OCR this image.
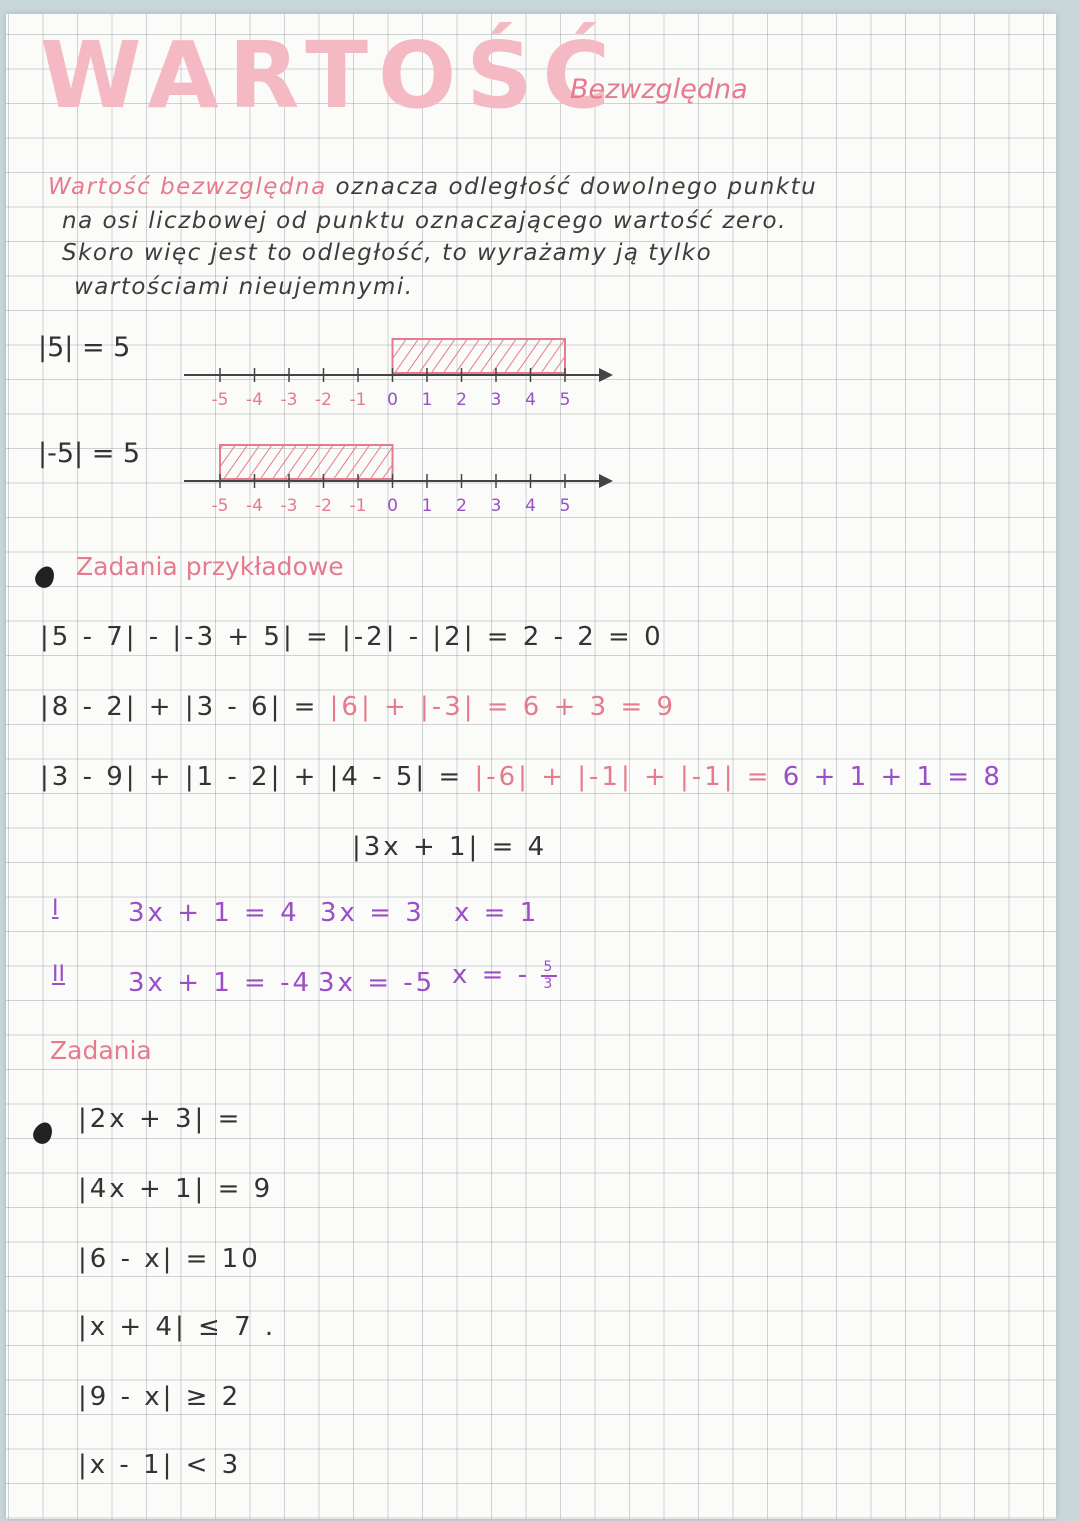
WARTOŚĆ
Bezwzględna
Wartość bezwzględna oznacza odległość dowolnego punktu
na osi liczbowej od punktu oznaczającego wartość zero.
Skoro więc jest to odległość, to wyrażamy ją tylko
wartościami nieujemnymi.
|5| = 5
-5 -4 -3 -2 -1 0 1 2 3 4 5
|-5| = 5
-5 -4 -3 -2 -1 0 1 2 3 4 5
Zadania przykładowe
|5 - 7| - |-3 + 5| = |-2| - |2| = 2 - 2 = 0
|8 - 2| + |3 - 6| = |6| + |-3| = 6 + 3 = 9
|3 - 9| + |1 - 2| + |4 - 5| = |-6| + |-1| + |-1| = 6 + 1 + 1 = 8
|3x + 1| = 4
I	3x + 1 = 4 3x = 3 x = 1
II 3x + 1 = -4 3x = -5 x = - $\frac{5}{3}$
Zadania
|2x + 3| =
|4x + 1| = 9
|6 - x| = 10
|x + 4| ≤ 7 .
|9 - x| ≥ 2
|x - 1| < 3
